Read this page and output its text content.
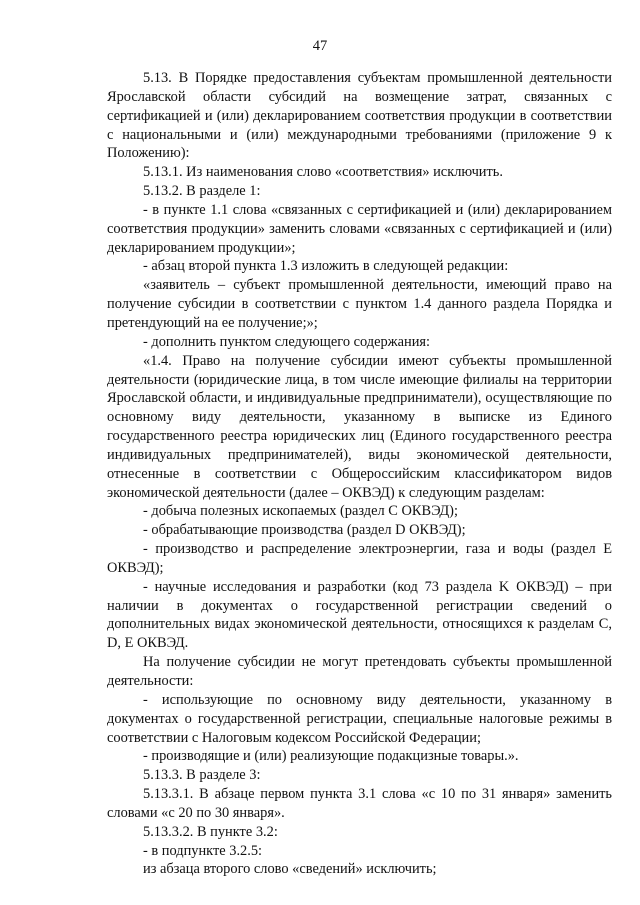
47

5.13. В Порядке предоставления субъектам промышленной деятельности Ярославской области субсидий на возмещение затрат, связанных с сертификацией и (или) декларированием соответствия продукции в соответствии с национальными и (или) международными требованиями (приложение 9 к Положению):

5.13.1. Из наименования слово «соответствия» исключить.

5.13.2. В разделе 1:

- в пункте 1.1 слова «связанных с сертификацией и (или) декларированием соответствия продукции» заменить словами «связанных с сертификацией и (или) декларированием продукции»;

- абзац второй пункта 1.3 изложить в следующей редакции:

«заявитель – субъект промышленной деятельности, имеющий право на получение субсидии в соответствии с пунктом 1.4 данного раздела Порядка и претендующий на ее получение;»;

- дополнить пунктом следующего содержания:

«1.4. Право на получение субсидии имеют субъекты промышленной деятельности (юридические лица, в том числе имеющие филиалы на территории Ярославской области, и индивидуальные предприниматели), осуществляющие по основному виду деятельности, указанному в выписке из Единого государственного реестра юридических лиц (Единого государственного реестра индивидуальных предпринимателей), виды экономической деятельности, отнесенные в соответствии с Общероссийским классификатором видов экономической деятельности (далее – ОКВЭД) к следующим разделам:

- добыча полезных ископаемых (раздел C ОКВЭД);

- обрабатывающие производства (раздел D ОКВЭД);

- производство и распределение электроэнергии, газа и воды (раздел E ОКВЭД);

- научные исследования и разработки (код 73 раздела K ОКВЭД) – при наличии в документах о государственной регистрации сведений о дополнительных видах экономической деятельности, относящихся к разделам C, D, E ОКВЭД.

На получение субсидии не могут претендовать субъекты промышленной деятельности:

- использующие по основному виду деятельности, указанному в документах о государственной регистрации, специальные налоговые режимы в соответствии с Налоговым кодексом Российской Федерации;

- производящие и (или) реализующие подакцизные товары.».

5.13.3. В разделе 3:

5.13.3.1. В абзаце первом пункта 3.1 слова «с 10 по 31 января» заменить словами «с 20 по 30 января».

5.13.3.2. В пункте 3.2:

- в подпункте 3.2.5:

из абзаца второго слово «сведений» исключить;
